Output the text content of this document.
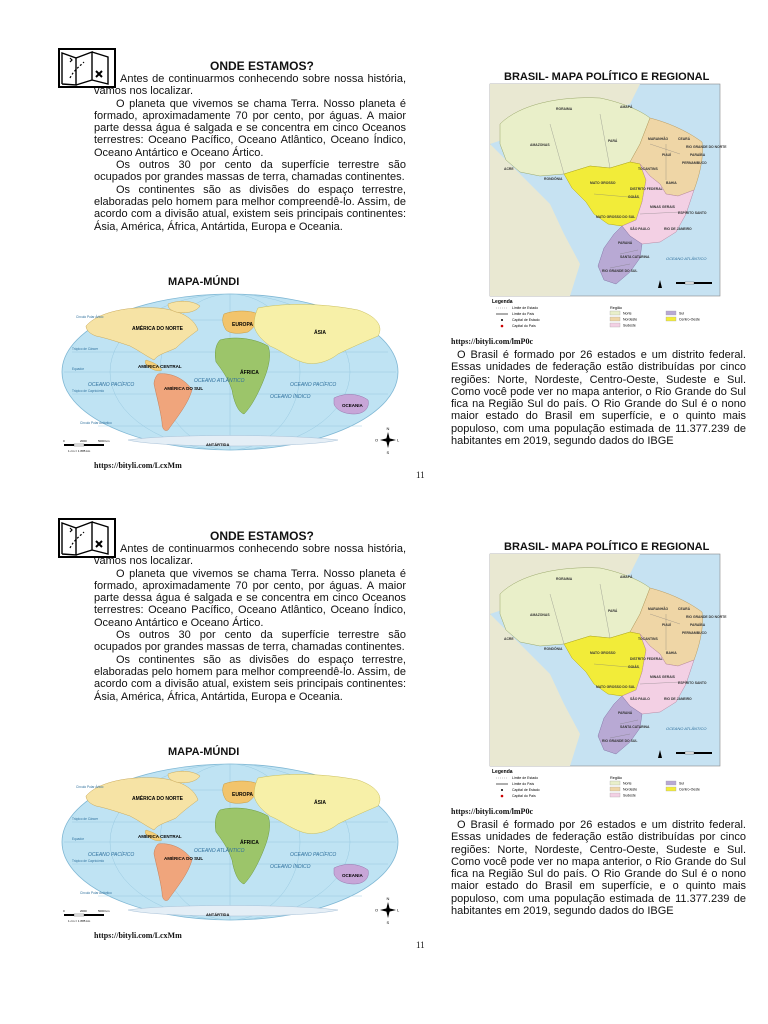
ONDE ESTAMOS?

Antes de continuarmos conhecendo sobre nossa história, vamos nos localizar.

O planeta que vivemos se chama Terra. Nosso planeta é formado, aproximadamente 70 por cento, por águas. A maior parte dessa água é salgada e se concentra em cinco Oceanos terrestres: Oceano Pacífico, Oceano Atlântico, Oceano Índico, Oceano Antártico e Oceano Ártico.

Os outros 30 por cento da superfície terrestre são ocupados por grandes massas de terra, chamadas continentes.

Os continentes são as divisões do espaço terrestre, elaboradas pelo homem para melhor compreendê-lo. Assim, de acordo com a divisão atual, existem seis principais continentes: Ásia, América, África, Antártida, Europa e Oceania.

MAPA-MÚNDI
AMÉRICA DO NORTE
AMÉRICA CENTRAL
AMÉRICA DO SUL
EUROPA
ÁSIA
ÁFRICA
OCEANIA
ANTÁRTIDA
OCEANO PACÍFICO	OCEANO PACÍFICO
OCEANO ATLÂNTICO
OCEANO ÍNDICO
Círculo Polar Ártico
Trópico de Câncer
Equador
Trópico de Capricórnio
Círculo Polar Antártico
0	2000	5000 km
1 cm = 1 885 km
N
S
L
O
https://bityli.com/LcxMm
11
BRASIL- MAPA POLÍTICO E REGIONAL
AMAZONAS
PARÁ
RORAIMA	AMAPÁ
ACRE
RONDÔNIA
TOCANTINS
MARANHÃO
PIAUÍ
CEARÁ
RIO GRANDE DO NORTE
PARAÍBA
PERNAMBUCO
BAHIA
MATO GROSSO
GOIÁS
DISTRITO FEDERAL
MATO GROSSO DO SUL
MINAS GERAIS
ESPÍRITO SANTO
RIO DE JANEIRO
SÃO PAULO
PARANÁ
SANTA CATARINA
RIO GRANDE DO SUL
OCEANO ATLÂNTICO
Legenda
Limite de Estado
Limite do País
Capital de Estado
Capital do País
Região
Norte
Nordeste
Sudeste
Sul
Centro-Oeste
https://bityli.com/lmP0c

O Brasil é formado por 26 estados e um distrito federal. Essas unidades de federação estão distribuídas por cinco regiões: Norte, Nordeste, Centro-Oeste, Sudeste e Sul. Como você pode ver no mapa anterior, o Rio Grande do Sul fica na Região Sul do país. O Rio Grande do Sul é o nono maior estado do Brasil em superfície, e o quinto mais populoso, com uma população estimada de 11.377.239 de habitantes em 2019, segundo dados do IBGE

ONDE ESTAMOS?

Antes de continuarmos conhecendo sobre nossa história, vamos nos localizar.

O planeta que vivemos se chama Terra. Nosso planeta é formado, aproximadamente 70 por cento, por águas. A maior parte dessa água é salgada e se concentra em cinco Oceanos terrestres: Oceano Pacífico, Oceano Atlântico, Oceano Índico, Oceano Antártico e Oceano Ártico.

Os outros 30 por cento da superfície terrestre são ocupados por grandes massas de terra, chamadas continentes.

Os continentes são as divisões do espaço terrestre, elaboradas pelo homem para melhor compreendê-lo. Assim, de acordo com a divisão atual, existem seis principais continentes: Ásia, América, África, Antártida, Europa e Oceania.

MAPA-MÚNDI
AMÉRICA DO NORTE
AMÉRICA CENTRAL
AMÉRICA DO SUL
EUROPA
ÁSIA
ÁFRICA
OCEANIA
ANTÁRTIDA
OCEANO PACÍFICO	OCEANO PACÍFICO
OCEANO ATLÂNTICO
OCEANO ÍNDICO
Círculo Polar Ártico
Trópico de Câncer
Equador
Trópico de Capricórnio
Círculo Polar Antártico
0	2000	5000 km
1 cm = 1 885 km
N
S
L
O
https://bityli.com/LcxMm
11
BRASIL- MAPA POLÍTICO E REGIONAL
AMAZONAS
PARÁ
RORAIMA	AMAPÁ
ACRE
RONDÔNIA
TOCANTINS
MARANHÃO
PIAUÍ
CEARÁ
RIO GRANDE DO NORTE
PARAÍBA
PERNAMBUCO
BAHIA
MATO GROSSO
GOIÁS
DISTRITO FEDERAL
MATO GROSSO DO SUL
MINAS GERAIS
ESPÍRITO SANTO
RIO DE JANEIRO
SÃO PAULO
PARANÁ
SANTA CATARINA
RIO GRANDE DO SUL
OCEANO ATLÂNTICO
Legenda
Limite de Estado
Limite do País
Capital de Estado
Capital do País
Região
Norte
Nordeste
Sudeste
Sul
Centro-Oeste
https://bityli.com/lmP0c

O Brasil é formado por 26 estados e um distrito federal. Essas unidades de federação estão distribuídas por cinco regiões: Norte, Nordeste, Centro-Oeste, Sudeste e Sul. Como você pode ver no mapa anterior, o Rio Grande do Sul fica na Região Sul do país. O Rio Grande do Sul é o nono maior estado do Brasil em superfície, e o quinto mais populoso, com uma população estimada de 11.377.239 de habitantes em 2019, segundo dados do IBGE
